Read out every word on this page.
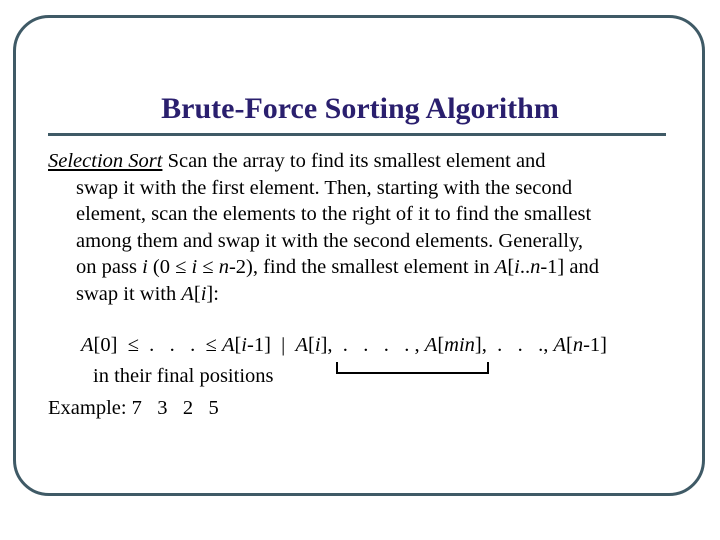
Brute-Force Sorting Algorithm
Selection Sort Scan the array to find its smallest element and
swap it with the first element. Then, starting with the second
element, scan the elements to the right of it to find the smallest
among them and swap it with the second elements. Generally,
on pass i (0 ≤ i ≤ n-2), find the smallest element in A[i..n-1] and
swap it with A[i]:
A[0]  ≤  .   .   .  ≤ A[i-1]  |  A[i],  .   .   .   . , A[min],  .   .   ., A[n-1]
in their final positions
Example: 7   3   2   5
